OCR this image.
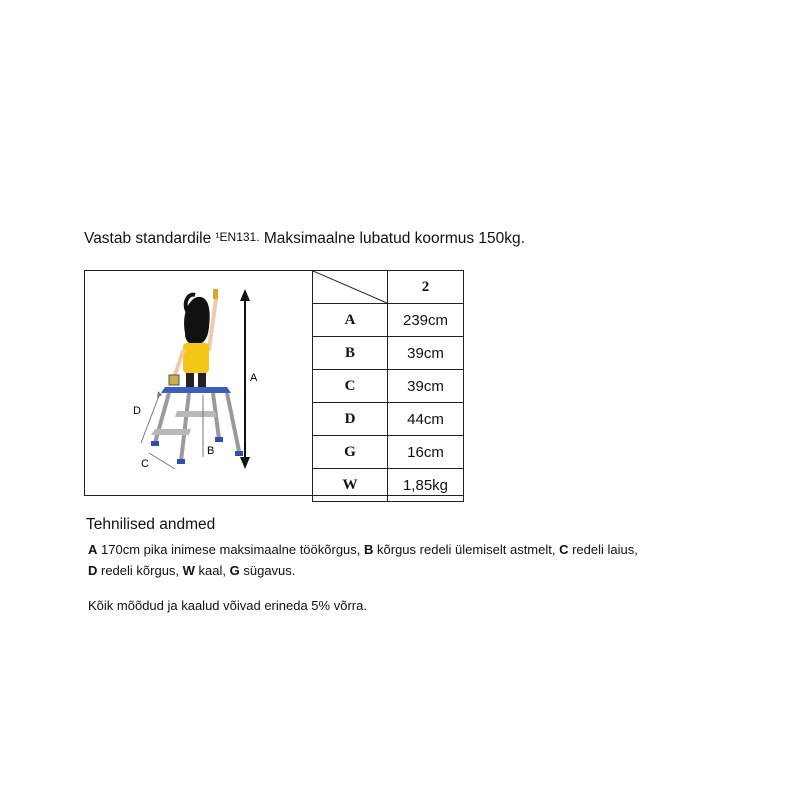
Vastab standardile ¹EN131. Maksimaalne lubatud koormus 150kg.
A
D
C
B
	2
A	239cm
B	39cm
C	39cm
D	44cm
G	16cm
W	1,85kg
Tehnilised andmed
A 170cm pika inimese maksimaalne töökõrgus, B kõrgus redeli ülemiselt astmelt, C redeli laius,
D redeli kõrgus, W kaal, G sügavus.
Kõik mõõdud ja kaalud võivad erineda 5% võrra.
